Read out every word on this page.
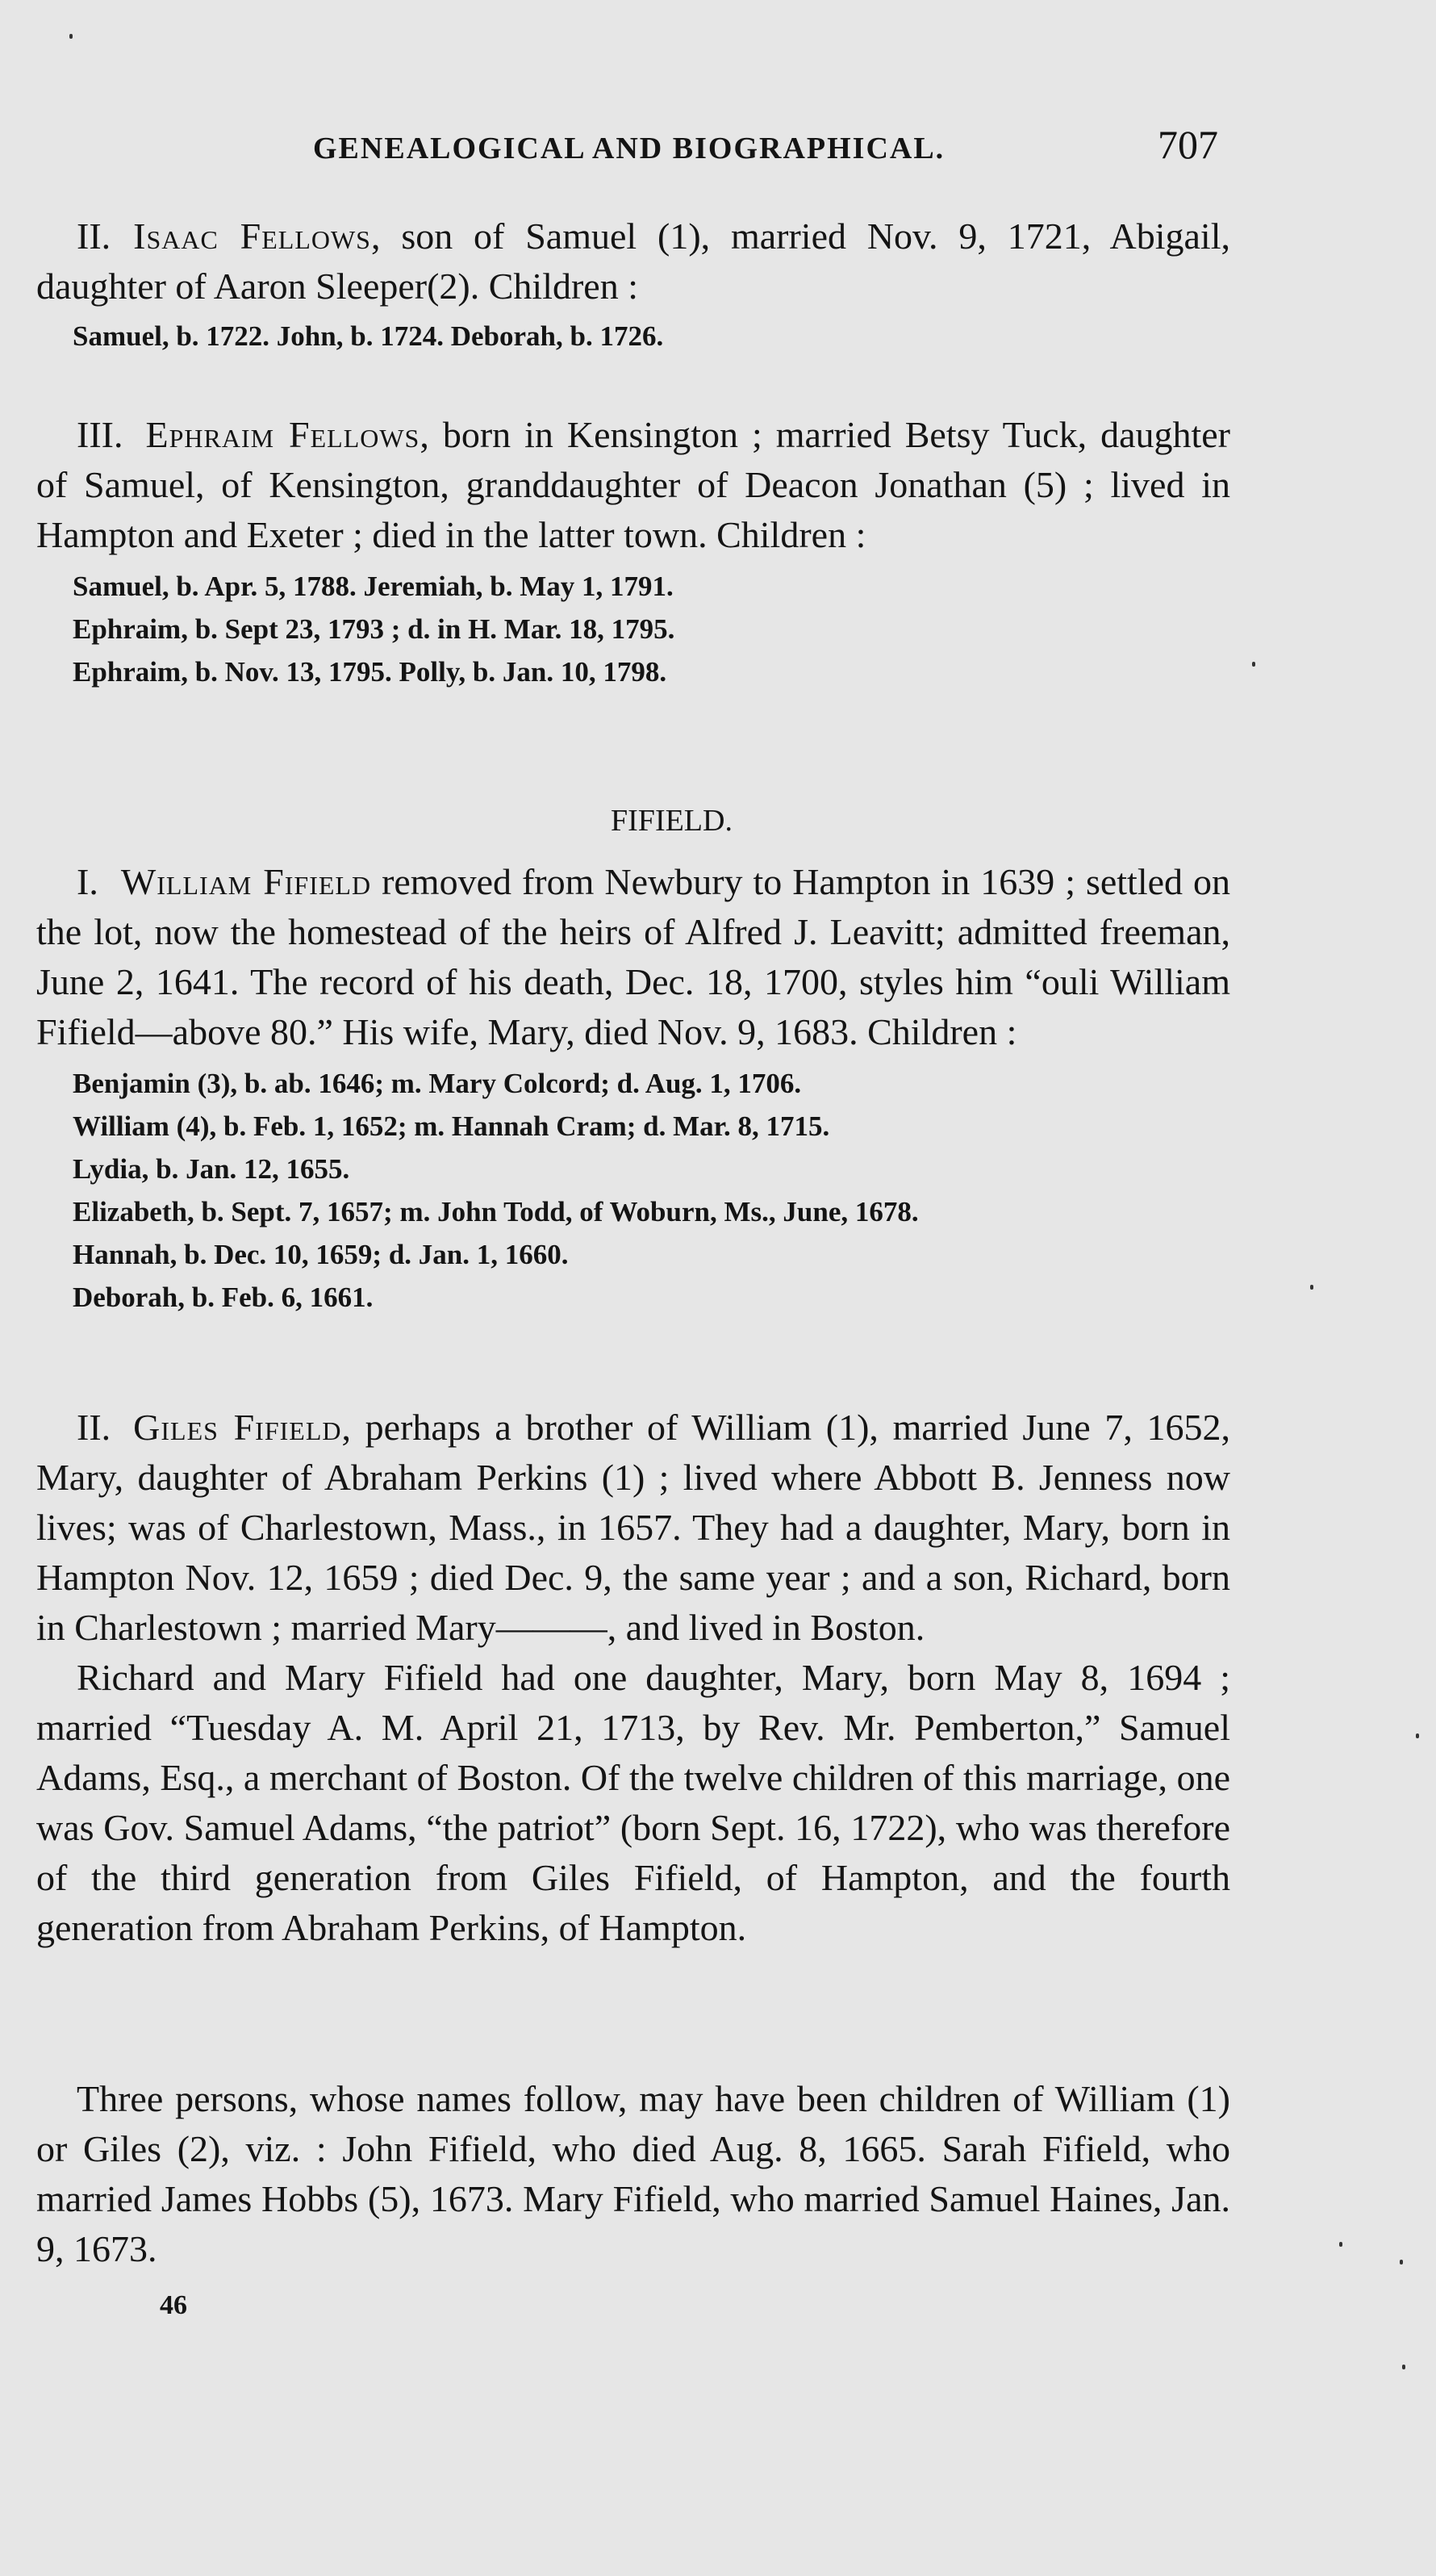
GENEALOGICAL AND BIOGRAPHICAL.	707

II. Isaac Fellows, son of Samuel (1), married Nov. 9, 1721, Abigail, daughter of Aaron Sleeper(2). Children :

Samuel, b. 1722. John, b. 1724. Deborah, b. 1726.

III. Ephraim Fellows, born in Kensington ; married Betsy Tuck, daughter of Samuel, of Kensington, granddaughter of Deacon Jonathan (5) ; lived in Hampton and Exeter ; died in the latter town. Children :

Samuel, b. Apr. 5, 1788. Jeremiah, b. May 1, 1791.
Ephraim, b. Sept 23, 1793 ; d. in H. Mar. 18, 1795.
Ephraim, b. Nov. 13, 1795. Polly, b. Jan. 10, 1798.
FIFIELD.

I. William Fifield removed from Newbury to Hampton in 1639 ; settled on the lot, now the homestead of the heirs of Alfred J. Leavitt; admitted freeman, June 2, 1641. The record of his death, Dec. 18, 1700, styles him “ouli William Fifield—above 80.” His wife, Mary, died Nov. 9, 1683. Children :

Benjamin (3), b. ab. 1646; m. Mary Colcord; d. Aug. 1, 1706.
William (4), b. Feb. 1, 1652; m. Hannah Cram; d. Mar. 8, 1715.
Lydia, b. Jan. 12, 1655.
Elizabeth, b. Sept. 7, 1657; m. John Todd, of Woburn, Ms., June, 1678.
Hannah, b. Dec. 10, 1659; d. Jan. 1, 1660.
Deborah, b. Feb. 6, 1661.

II. Giles Fifield, perhaps a brother of William (1), married June 7, 1652, Mary, daughter of Abraham Perkins (1) ; lived where Abbott B. Jenness now lives; was of Charlestown, Mass., in 1657. They had a daughter, Mary, born in Hampton Nov. 12, 1659 ; died Dec. 9, the same year ; and a son, Richard, born in Charlestown ; married Mary———, and lived in Boston.

Richard and Mary Fifield had one daughter, Mary, born May 8, 1694 ; married “Tuesday A. M. April 21, 1713, by Rev. Mr. Pemberton,” Samuel Adams, Esq., a merchant of Boston. Of the twelve children of this marriage, one was Gov. Samuel Adams, “the patriot” (born Sept. 16, 1722), who was therefore of the third generation from Giles Fifield, of Hampton, and the fourth generation from Abraham Perkins, of Hampton.

Three persons, whose names follow, may have been children of William (1) or Giles (2), viz. : John Fifield, who died Aug. 8, 1665. Sarah Fifield, who married James Hobbs (5), 1673. Mary Fifield, who married Samuel Haines, Jan. 9, 1673.

46
